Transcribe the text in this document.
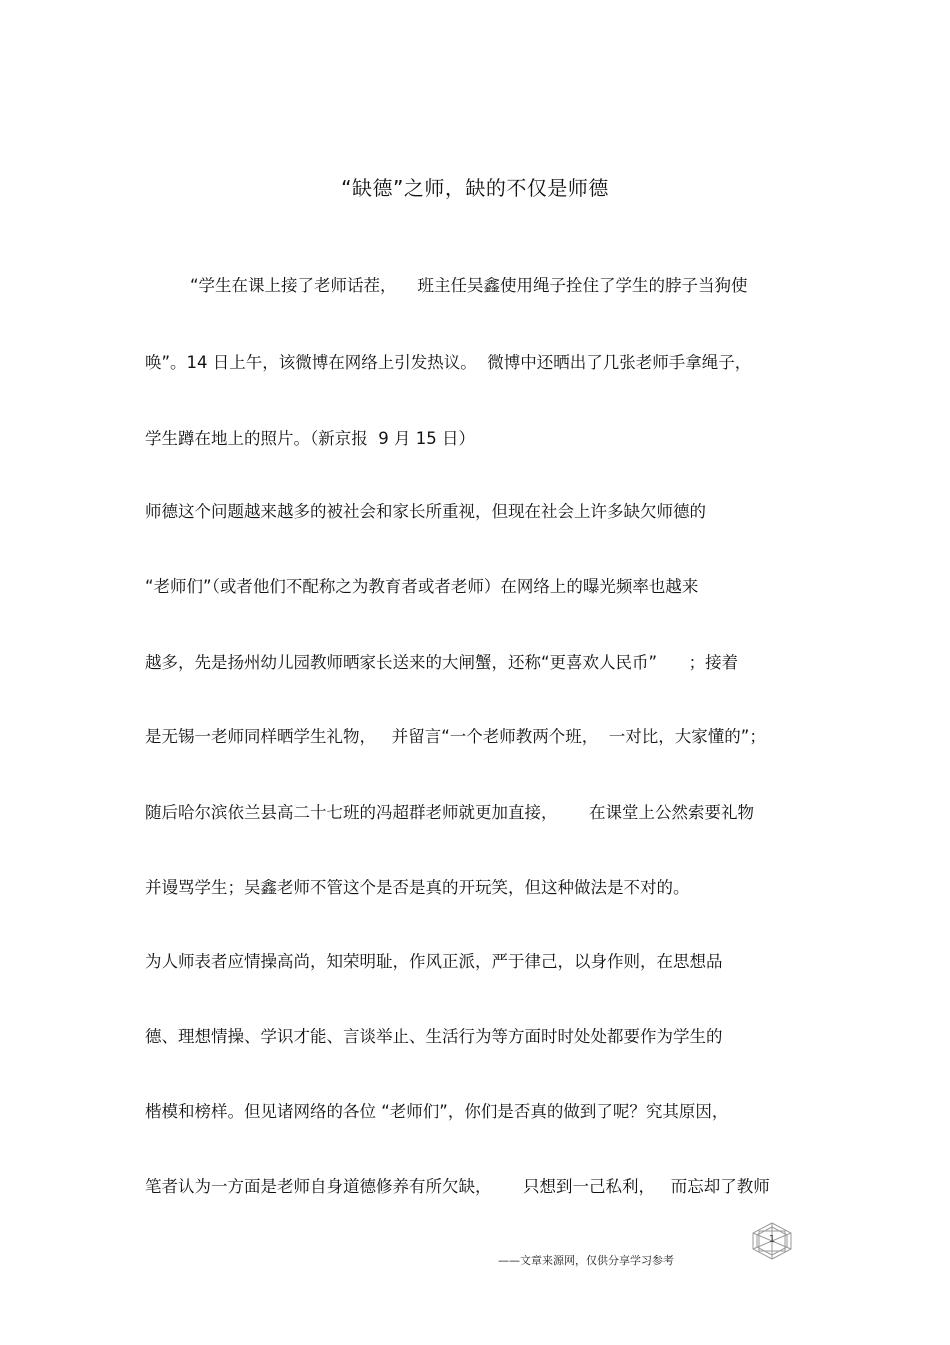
“缺德”之师，缺的不仅是师德
“学生在课上接了老师话茬，    班主任吴鑫使用绳子拴住了学生的脖子当狗使
唤”。14 日上午，该微博在网络上引发热议。  微博中还晒出了几张老师手拿绳子，
学生蹲在地上的照片。（新京报  9 月 15 日）
师德这个问题越来越多的被社会和家长所重视，但现在社会上许多缺欠师德的
“老师们”（或者他们不配称之为教育者或者老师）在网络上的曝光频率也越来
越多，先是扬州幼儿园教师晒家长送来的大闸蟹，还称“更喜欢人民币”      ；接着
是无锡一老师同样晒学生礼物，   并留言“一个老师教两个班，  一对比，大家懂的”；
随后哈尔滨依兰县高二十七班的冯超群老师就更加直接，      在课堂上公然索要礼物
并谩骂学生；吴鑫老师不管这个是否是真的开玩笑，但这种做法是不对的。
为人师表者应情操高尚，知荣明耻，作风正派，严于律己，以身作则，在思想品
德、理想情操、学识才能、言谈举止、生活行为等方面时时处处都要作为学生的
楷模和榜样。但见诸网络的各位 “老师们”，你们是否真的做到了呢？究其原因，
笔者认为一方面是老师自身道德修养有所欠缺，      只想到一己私利，   而忘却了教师
——文章来源网，仅供分享学习参考
1
